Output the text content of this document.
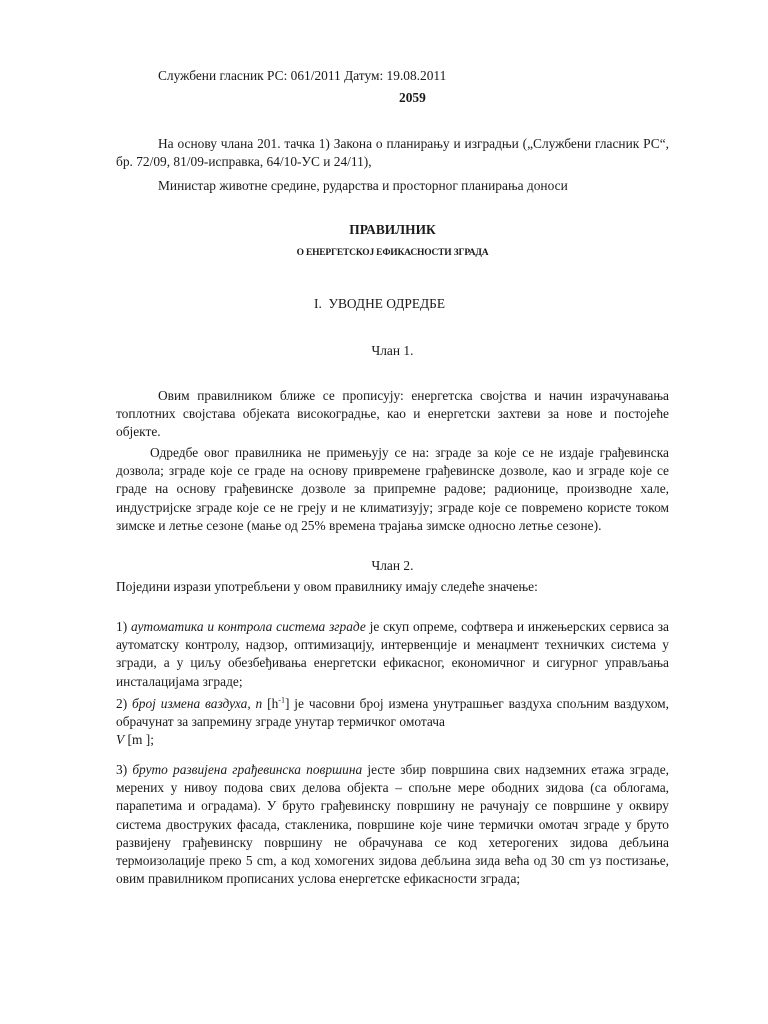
Службени гласник РС: 061/2011 Датум: 19.08.2011
2059
На основу члана 201. тачка 1) Закона о планирању и изградњи („Службени гласник РС“, бр. 72/09, 81/09-исправка, 64/10-УС и 24/11),
Министар животне средине, рударства и просторног планирања доноси
ПРАВИЛНИК
О ЕНЕРГЕТСКОЈ ЕФИКАСНОСТИ ЗГРАДА
I. УВОДНЕ ОДРЕДБЕ
Члан 1.
Овим правилником ближе се прописују: енергетска својства и начин израчунавања топлотних својстава објеката високоградње, као и енергетски захтеви за нове и постојеће објекте.
Одредбе овог правилника не примењују се на: зграде за које се не издаје грађевинска дозвола; зграде које се граде на основу привремене грађевинске дозволе, као и зграде које се граде на основу грађевинске дозволе за припремне радове; радионице, производне хале, индустријске зграде које се не греју и не климатизују; зграде које се повремено користе током зимске и летње сезоне (мање од 25% времена трајања зимске односно летње сезоне).
Члан 2.
Поједини изрази употребљени у овом правилнику имају следеће значење:
1) аутоматика и контрола система зграде је скуп опреме, софтвера и инжењерских сервиса за аутоматску контролу, надзор, оптимизацију, интервенције и менаџмент техничких система у згради, а у циљу обезбеђивања енергетски ефикасног, економичног и сигурног управљања инсталацијама зграде;
2) број измена ваздуха, n $[h^{-1}]$ је часовни број измена унутрашњег ваздуха спољним ваздухом, обрачунат за запремину зграде унутар термичког омотача
V [m ];
3) бруто развијена грађевинска површина јесте збир површина свих надземних етажа зграде, мерених у нивоу подова свих делова објекта – спољне мере ободних зидова (са облогама, парапетима и оградама). У бруто грађевинску површину не рачунају се површине у оквиру система двоструких фасада, стакленика, површине које чине термички омотач зграде у бруто развијену грађевинску површину не обрачунава се код хетерогених зидова дебљина термоизолације преко 5 cm, а код хомогених зидова дебљина зида већа од 30 cm уз постизање, овим правилником прописаних услова енергетске ефикасности зграда;
